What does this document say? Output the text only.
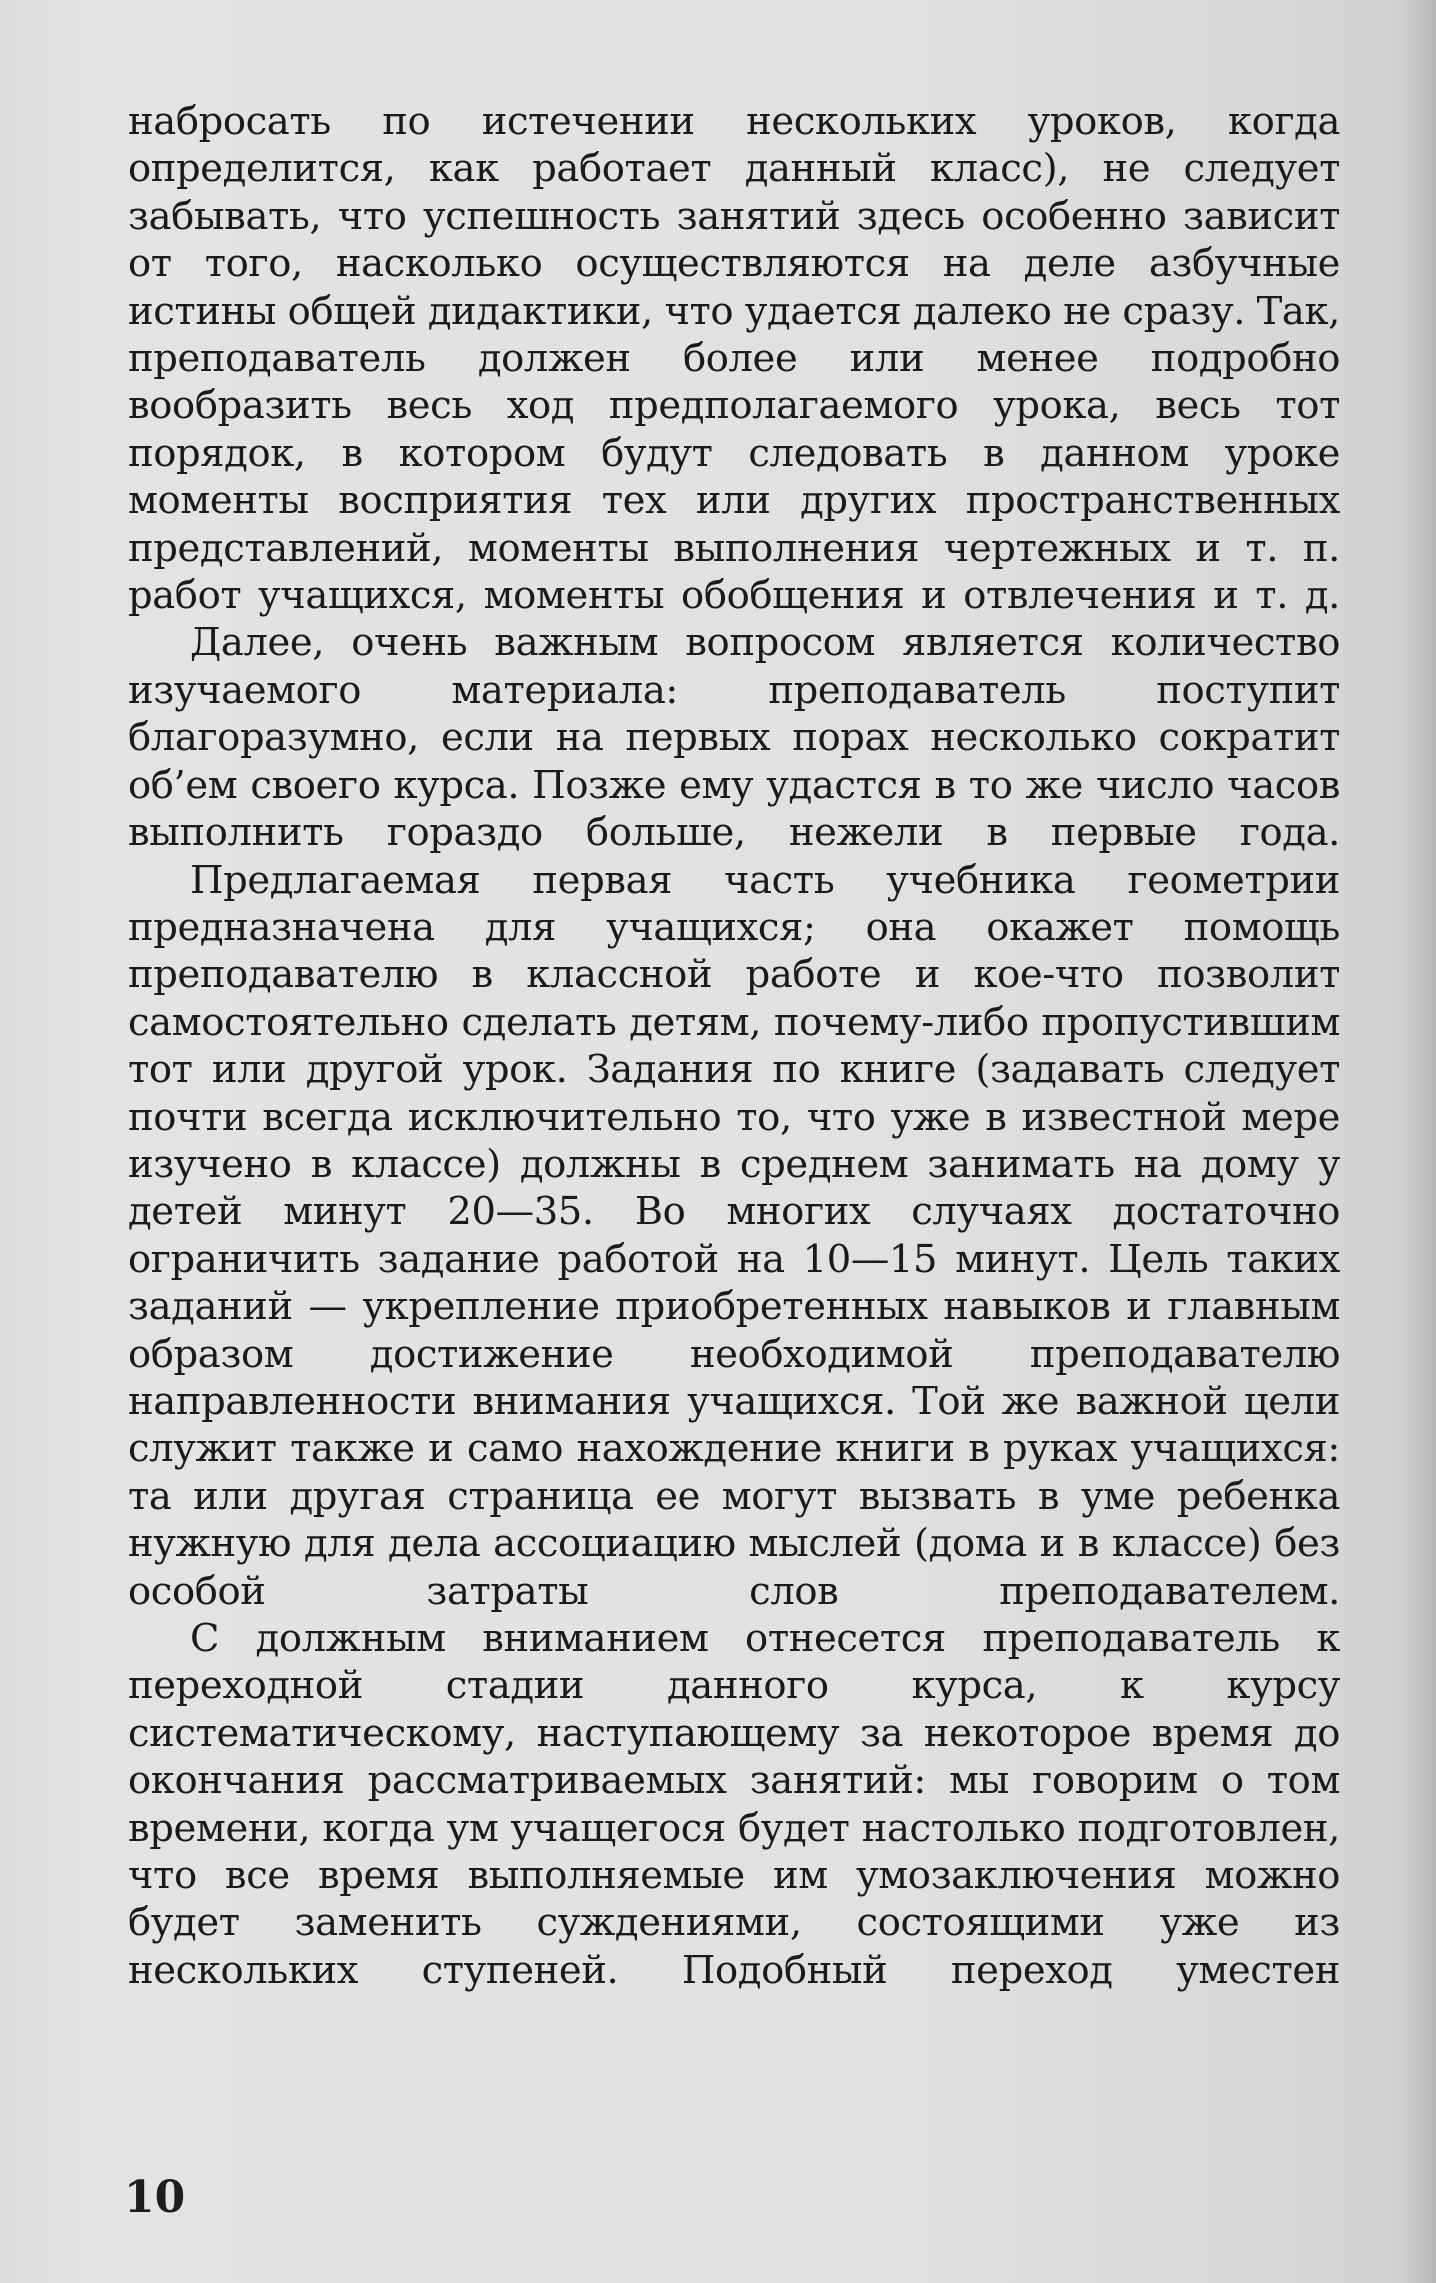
набросать по истечении нескольких уроков, когда определится, как работает данный класс), не следует забывать, что успешность занятий здесь особенно зависит от того, насколько осуществляются на деле азбучные истины общей дидактики, что удается далеко не сразу. Так, преподаватель должен более или менее подробно вообразить весь ход предполагаемого урока, весь тот порядок, в котором будут следовать в данном уроке моменты восприятия тех или других пространственных представлений, моменты выполнения чертежных и т. п. работ учащихся, моменты обобщения и отвлечения и т. д.

Далее, очень важным вопросом является количество изучаемого материала: преподаватель поступит благоразумно, если на первых порах несколько сократит об’ем своего курса. Позже ему удастся в то же число часов выполнить гораздо больше, нежели в первые года.

Предлагаемая первая часть учебника геометрии предназначена для учащихся; она окажет помощь преподавателю в классной работе и кое-что позволит самостоятельно сделать детям, почему-либо пропустившим тот или другой урок. Задания по книге (задавать следует почти всегда исключительно то, что уже в известной мере изучено в классе) должны в среднем занимать на дому у детей минут 20—35. Во многих случаях достаточно ограничить задание работой на 10—15 минут. Цель таких заданий — укрепление приобретенных навыков и главным образом достижение необходимой преподавателю направленности внимания учащихся. Той же важной цели служит также и само нахождение книги в руках учащихся: та или другая страница ее могут вызвать в уме ребенка нужную для дела ассоциацию мыслей (дома и в классе) без особой затраты слов преподавателем.

С должным вниманием отнесется преподаватель к переходной стадии данного курса, к курсу систематическому, наступающему за некоторое время до окончания рассматриваемых занятий: мы говорим о том времени, когда ум учащегося будет настолько подготовлен, что все время выполняемые им умозаключения можно будет заменить суждениями, состоящими уже из нескольких ступеней. Подобный переход уместен

10
